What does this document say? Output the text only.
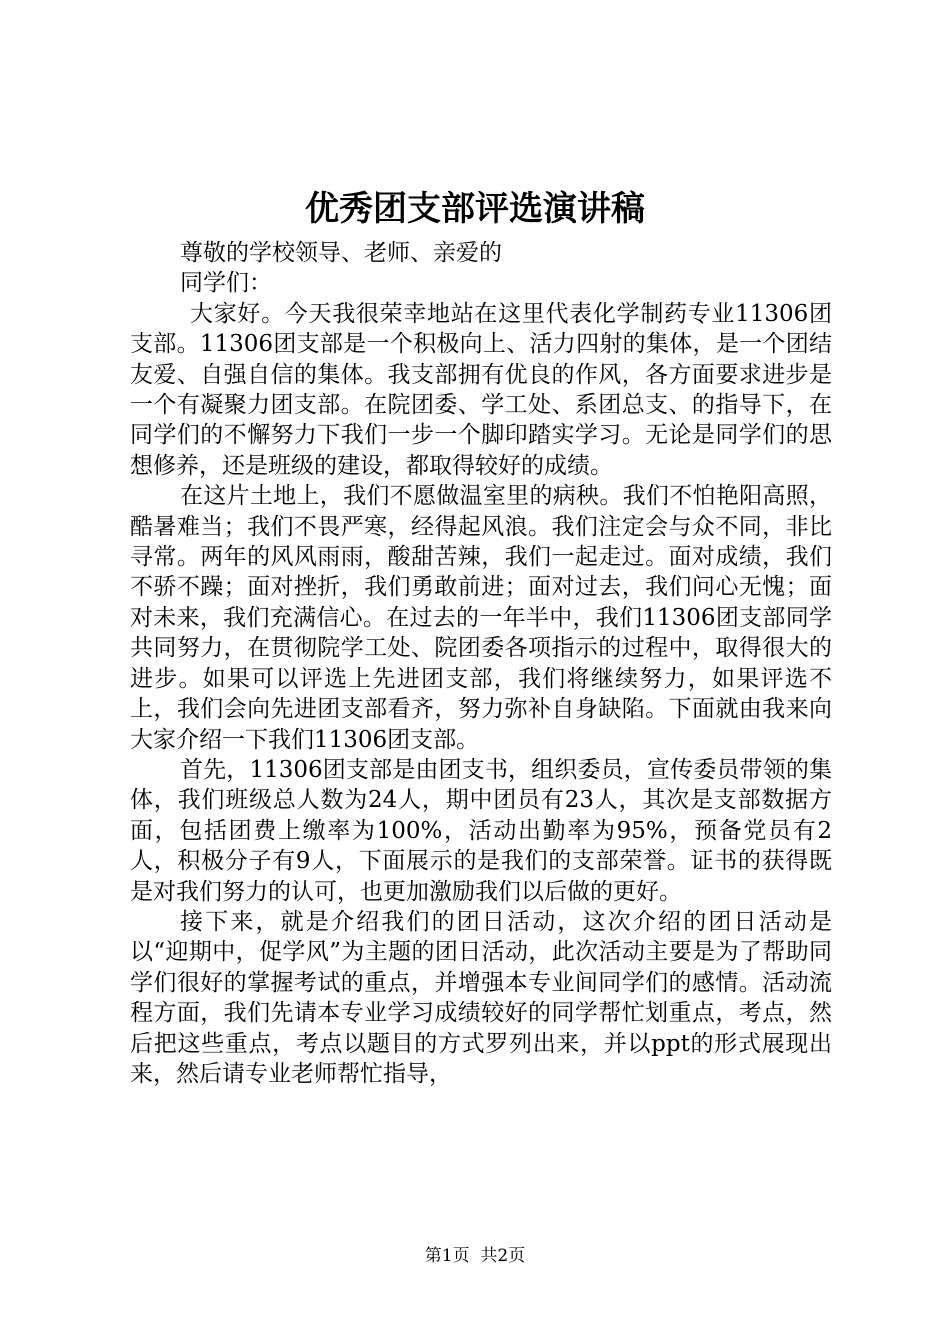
优秀团支部评选演讲稿

尊敬的学校领导、老师、亲爱的

同学们：

大家好。今天我很荣幸地站在这里代表化学制药专业11306团支部。11306团支部是一个积极向上、活力四射的集体，是一个团结友爱、自强自信的集体。我支部拥有优良的作风，各方面要求进步是一个有凝聚力团支部。在院团委、学工处、系团总支、的指导下，在同学们的不懈努力下我们一步一个脚印踏实学习。无论是同学们的思想修养，还是班级的建设，都取得较好的成绩。

在这片土地上，我们不愿做温室里的病秧。我们不怕艳阳高照，酷暑难当；我们不畏严寒，经得起风浪。我们注定会与众不同，非比寻常。两年的风风雨雨，酸甜苦辣，我们一起走过。面对成绩，我们不骄不躁；面对挫折，我们勇敢前进；面对过去，我们问心无愧；面对未来，我们充满信心。在过去的一年半中，我们11306团支部同学共同努力，在贯彻院学工处、院团委各项指示的过程中，取得很大的进步。如果可以评选上先进团支部，我们将继续努力，如果评选不上，我们会向先进团支部看齐，努力弥补自身缺陷。下面就由我来向大家介绍一下我们11306团支部。

首先，11306团支部是由团支书，组织委员，宣传委员带领的集体，我们班级总人数为24人，期中团员有23人，其次是支部数据方面，包括团费上缴率为100%，活动出勤率为95%，预备党员有2人，积极分子有9人，下面展示的是我们的支部荣誉。证书的获得既是对我们努力的认可，也更加激励我们以后做的更好。

接下来，就是介绍我们的团日活动，这次介绍的团日活动是以“迎期中，促学风”为主题的团日活动，此次活动主要是为了帮助同学们很好的掌握考试的重点，并增强本专业间同学们的感情。活动流程方面，我们先请本专业学习成绩较好的同学帮忙划重点，考点，然后把这些重点，考点以题目的方式罗列出来，并以ppt的形式展现出来，然后请专业老师帮忙指导，

第1页  共2页
